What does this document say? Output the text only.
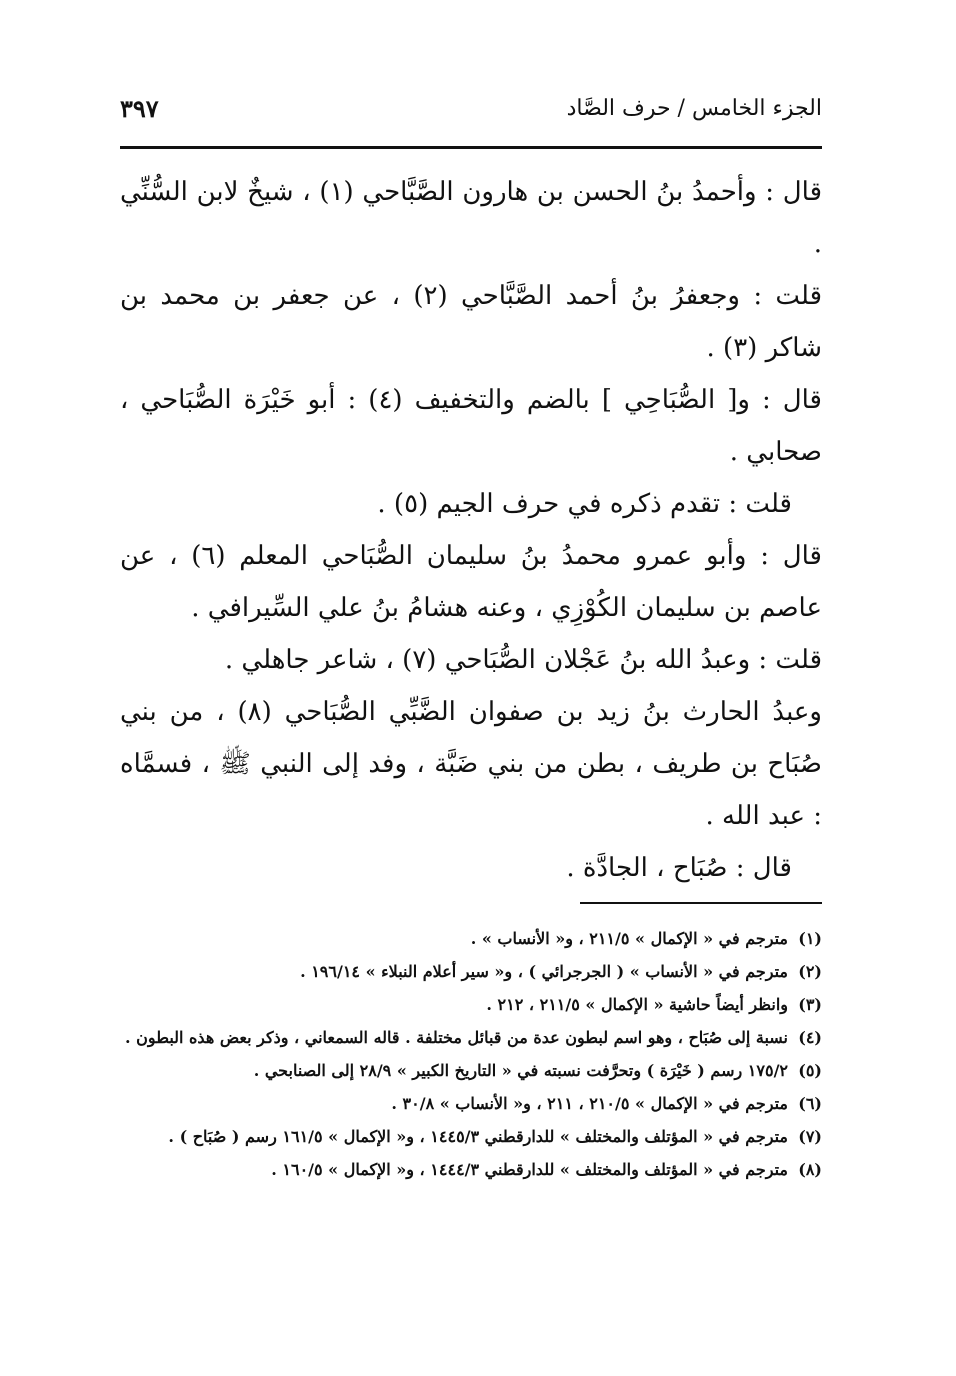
الجزء الخامس / حرف الصَّاد
٣٩٧

قال : وأحمدُ بنُ الحسن بن هارون الصَّبَّاحي (١) ، شيخٌ لابن السُّنِّي .

قلت : وجعفرُ بنُ أحمد الصَّبَّاحي (٢) ، عن جعفر بن محمد بن شاكر (٣) .

قال : و[ الصُّبَاحِي ] بالضم والتخفيف (٤) : أبو خَيْرَة الصُّبَاحي ، صحابي .

قلت : تقدم ذكره في حرف الجيم (٥) .

قال : وأبو عمرو محمدُ بنُ سليمان الصُّبَاحي المعلم (٦) ، عن عاصم بن سليمان الكُوْزِي ، وعنه هشامُ بنُ علي السِّيرافي .

قلت : وعبدُ الله بنُ عَجْلان الصُّبَاحي (٧) ، شاعر جاهلي .

وعبدُ الحارث بنُ زيد بن صفوان الضَّبِّي الصُّبَاحي (٨) ، من بني صُبَاح بن طريف ، بطن من بني ضَبَّة ، وفد إلى النبي ﷺ ، فسمَّاه : عبد الله .

قال : صُبَاح ، الجادَّة .

(١)
مترجم في « الإكمال » ٢١١/٥ ، و« الأنساب » .
(٢)
مترجم في « الأنساب » ( الجرجرائي ) ، و« سير أعلام النبلاء » ١٩٦/١٤ .
(٣)
وانظر أيضاً حاشية « الإكمال » ٢١١/٥ ، ٢١٢ .
(٤)
نسبة إلى صُبَاح ، وهو اسم لبطون عدة من قبائل مختلفة . قاله السمعاني ، وذكر بعض هذه البطون .
(٥)
١٧٥/٢ رسم ( خَيْرَة ) وتحرَّفت نسبته في « التاريخ الكبير » ٢٨/٩ إلى الصنابحي .
(٦)
مترجم في « الإكمال » ٢١٠/٥ ، ٢١١ ، و« الأنساب » ٣٠/٨ .
(٧)
مترجم في « المؤتلف والمختلف » للدارقطني ١٤٤٥/٣ ، و« الإكمال » ١٦١/٥ رسم ( صُبَاح ) .
(٨)
مترجم في « المؤتلف والمختلف » للدارقطني ١٤٤٤/٣ ، و« الإكمال » ١٦٠/٥ .
